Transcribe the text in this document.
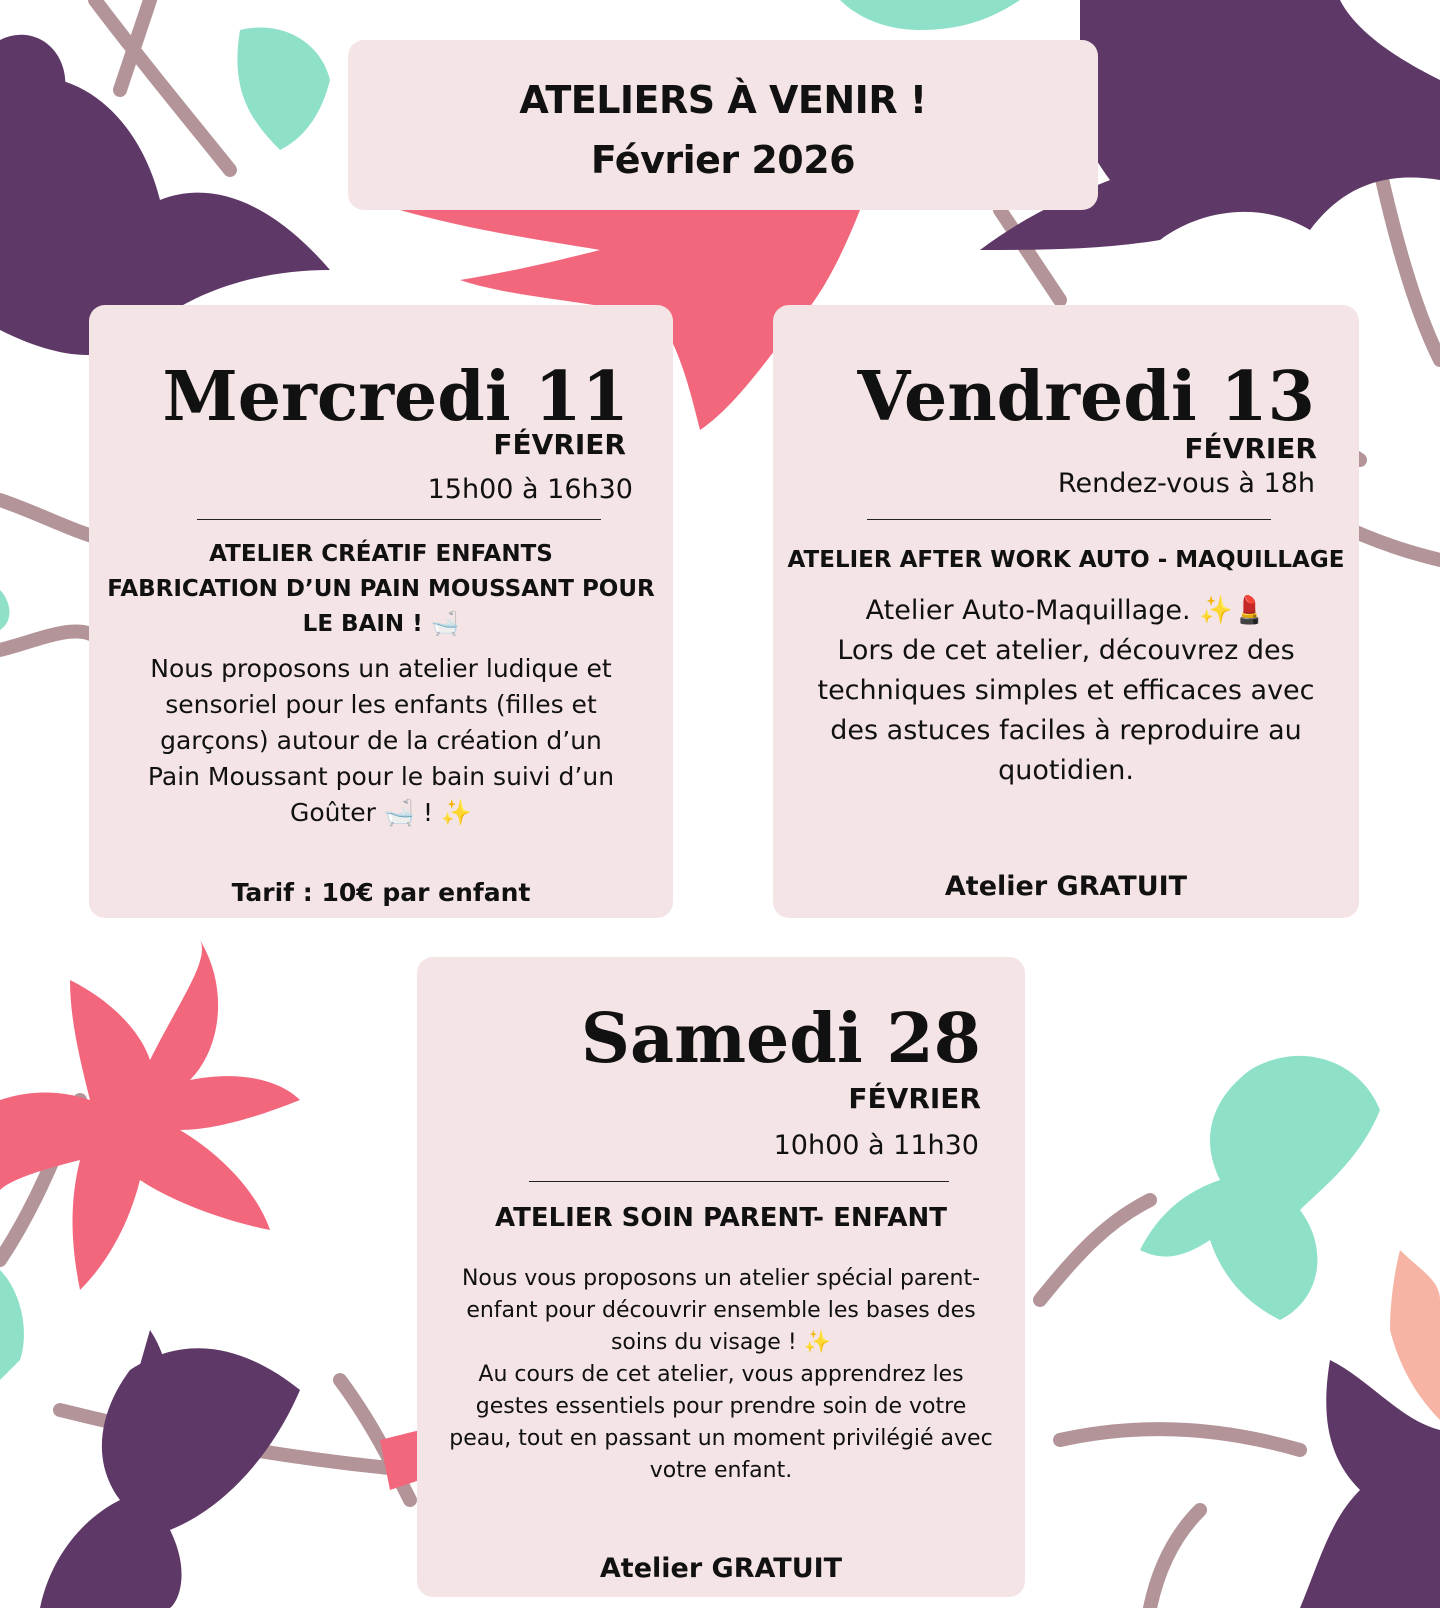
ATELIERS À VENIR !
Février 2026
Mercredi 11
FÉVRIER
15h00 à 16h30
ATELIER CRÉATIF ENFANTS
FABRICATION D’UN PAIN MOUSSANT POUR
LE BAIN ! 🛁
Nous proposons un atelier ludique et
sensoriel pour les enfants (filles et
garçons) autour de la création d’un
Pain Moussant pour le bain suivi d’un
Goûter 🛁 ! ✨
Tarif : 10€ par enfant
Vendredi 13
FÉVRIER
Rendez-vous à 18h
ATELIER AFTER WORK AUTO - MAQUILLAGE
Atelier Auto-Maquillage. ✨💄
Lors de cet atelier, découvrez des
techniques simples et efficaces avec
des astuces faciles à reproduire au
quotidien.
Atelier GRATUIT
Samedi 28
FÉVRIER
10h00 à 11h30
ATELIER SOIN PARENT- ENFANT
Nous vous proposons un atelier spécial parent-
enfant pour découvrir ensemble les bases des
soins du visage ! ✨
Au cours de cet atelier, vous apprendrez les
gestes essentiels pour prendre soin de votre
peau, tout en passant un moment privilégié avec
votre enfant.
Atelier GRATUIT
